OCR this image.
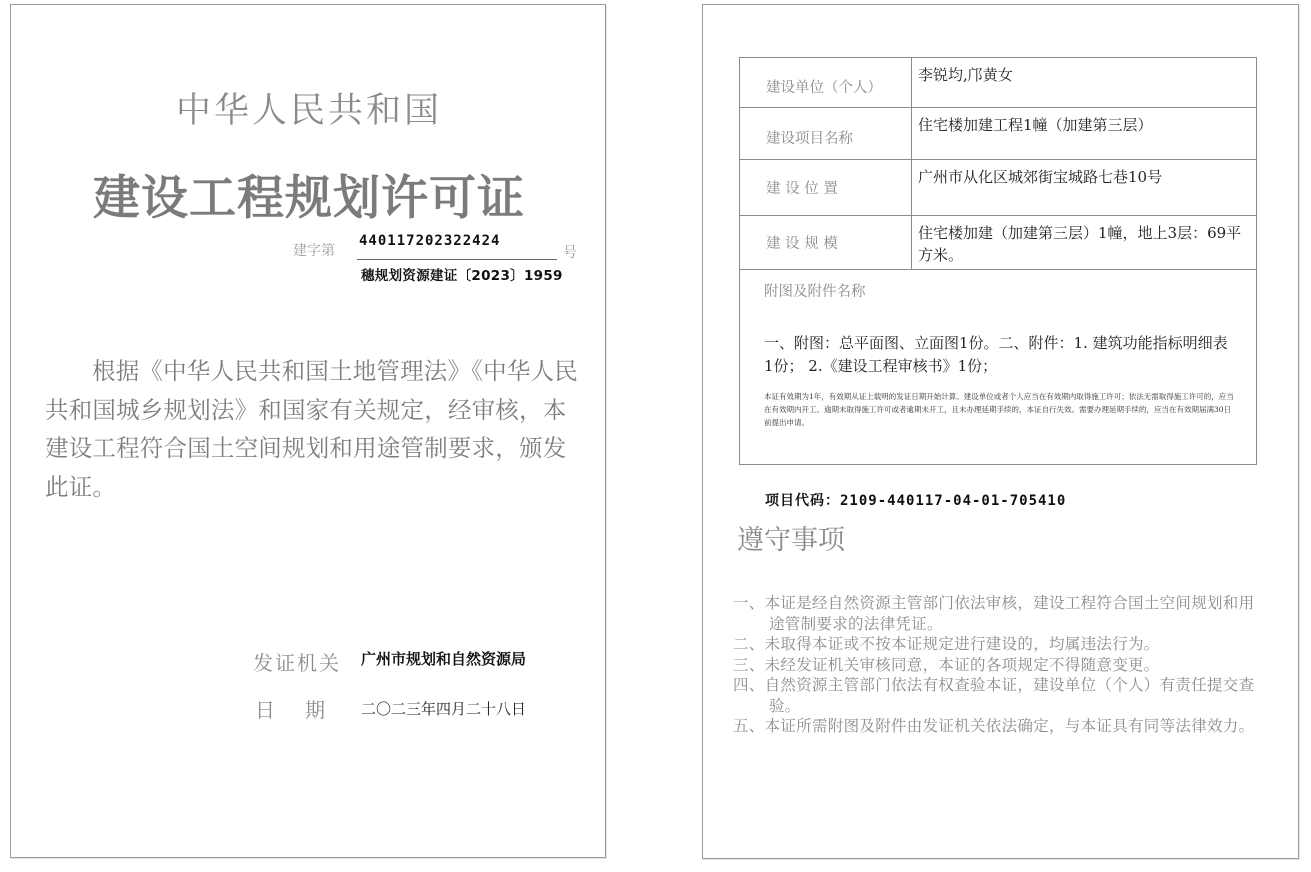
中华人民共和国
建设工程规划许可证
建字第
440117202322424
号
穗规划资源建证〔2023〕1959
根据《中华人民共和国土地管理法》《中华人民共和国城乡规划法》和国家有关规定，经审核，本建设工程符合国土空间规划和用途管制要求，颁发此证。
发证机关 广州市规划和自然资源局
日期 二〇二三年四月二十八日
建设单位（个人）
李锐均,邝黄女
建设项目名称
住宅楼加建工程1幢（加建第三层）
建 设 位 置
广州市从化区城郊街宝城路七巷10号
建 设 规 模
住宅楼加建（加建第三层）1幢，地上3层：69平方米。
附图及附件名称
一、附图：总平面图、立面图1份。二、附件：1. 建筑功能指标明细表1份； 2.《建设工程审核书》1份；
本证有效期为1年，有效期从证上载明的发证日期开始计算。建设单位或者个人应当在有效期内取得施工许可；依法无需取得施工许可的，应当在有效期内开工。逾期未取得施工许可或者逾期未开工，且未办理延期手续的，本证自行失效。需要办理延期手续的，应当在有效期届满30日前提出申请。
项目代码：2109-440117-04-01-705410
遵守事项
一、本证是经自然资源主管部门依法审核，建设工程符合国土空间规划和用途管制要求的法律凭证。
二、未取得本证或不按本证规定进行建设的，均属违法行为。
三、未经发证机关审核同意，本证的各项规定不得随意变更。
四、自然资源主管部门依法有权查验本证，建设单位（个人）有责任提交查验。
五、本证所需附图及附件由发证机关依法确定，与本证具有同等法律效力。
